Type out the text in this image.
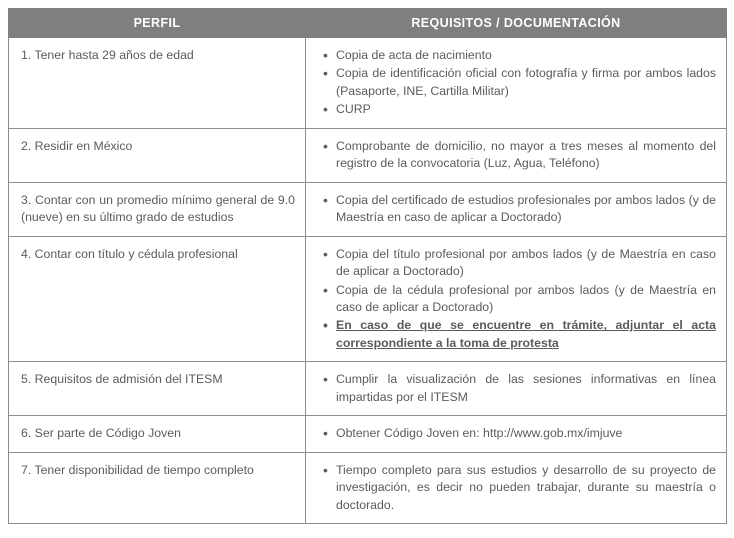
PERFIL	REQUISITOS / DOCUMENTACIÓN
1. Tener hasta 29 años de edad	
•Copia de acta de nacimiento
• Copia de identificación oficial con fotografía y firma por ambos lados (Pasaporte, INE, Cartilla Militar)
• CURP

2. Residir en México	
•Comprobante de domicilio, no mayor a tres meses al momento del registro de la convocatoria (Luz, Agua, Teléfono)

3. Contar con un promedio mínimo general de 9.0 (nueve) en su último grado de estudios	
• Copia del certificado de estudios profesionales por ambos lados (y de Maestría en caso de aplicar a Doctorado)

4. Contar con título y cédula profesional	
•Copia del título profesional por ambos lados (y de Maestría en caso de aplicar a Doctorado)
• Copia de la cédula profesional por ambos lados (y de Maestría en caso de aplicar a Doctorado)
• En caso de que se encuentre en trámite, adjuntar el acta correspondiente a la toma de protesta

5. Requisitos de admisión del ITESM	
•Cumplir la visualización de las sesiones informativas en línea impartidas por el ITESM

6. Ser parte de Código Joven	
•Obtener Código Joven en: http://www.gob.mx/imjuve

7. Tener disponibilidad de tiempo completo	
•Tiempo completo para sus estudios y desarrollo de su proyecto de investigación, es decir no pueden trabajar, durante su maestría o doctorado.
